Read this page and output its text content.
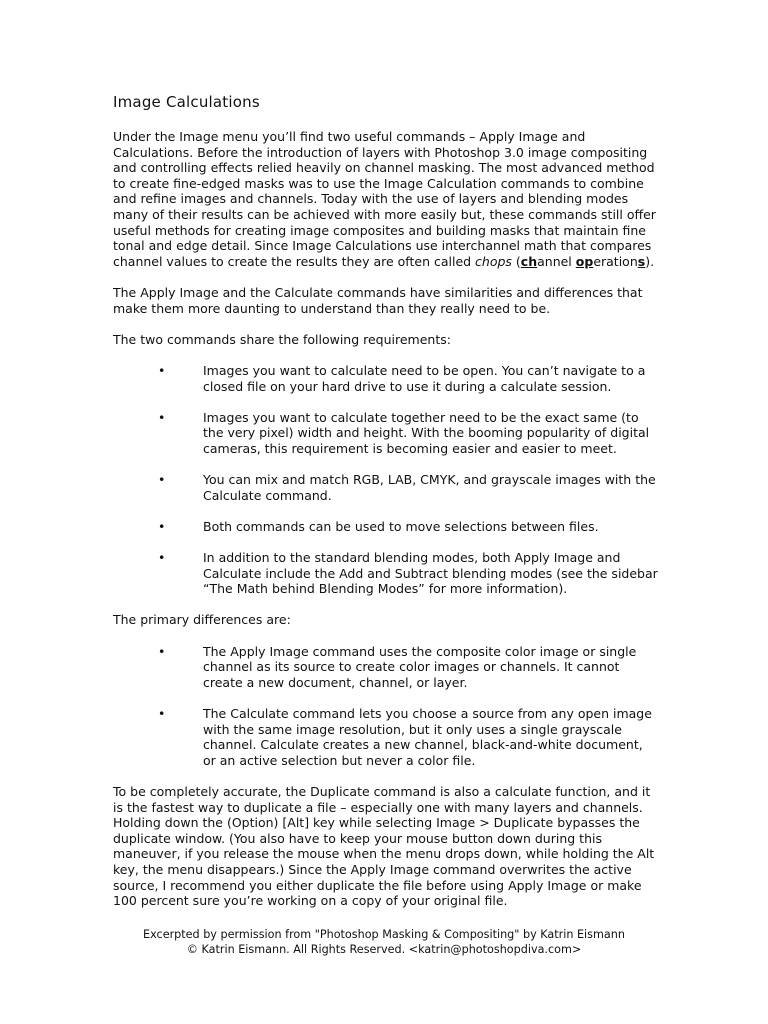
Image Calculations

Under the Image menu you’ll find two useful commands – Apply Image and Calculations. Before the introduction of layers with Photoshop 3.0 image compositing and controlling effects relied heavily on channel masking. The most advanced method to create fine-edged masks was to use the Image Calculation commands to combine and refine images and channels. Today with the use of layers and blending modes many of their results can be achieved with more easily but, these commands still offer useful methods for creating image composites and building masks that maintain fine tonal and edge detail. Since Image Calculations use interchannel math that compares channel values to create the results they are often called chops (channel operations).

The Apply Image and the Calculate commands have similarities and differences that make them more daunting to understand than they really need to be.

The two commands share the following requirements:

•	Images you want to calculate need to be open. You can’t navigate to a closed file on your hard drive to use it during a calculate session.
•	Images you want to calculate together need to be the exact same (to the very pixel) width and height. With the booming popularity of digital cameras, this requirement is becoming easier and easier to meet.
•	You can mix and match RGB, LAB, CMYK, and grayscale images with the Calculate command.
•	Both commands can be used to move selections between files.
•	In addition to the standard blending modes, both Apply Image and Calculate include the Add and Subtract blending modes (see the sidebar “The Math behind Blending Modes” for more information).

The primary differences are:

•	The Apply Image command uses the composite color image or single channel as its source to create color images or channels. It cannot create a new document, channel, or layer.
•	The Calculate command lets you choose a source from any open image with the same image resolution, but it only uses a single grayscale channel. Calculate creates a new channel, black-and-white document, or an active selection but never a color file.

To be completely accurate, the Duplicate command is also a calculate function, and it is the fastest way to duplicate a file – especially one with many layers and channels. Holding down the (Option) [Alt] key while selecting Image > Duplicate bypasses the duplicate window. (You also have to keep your mouse button down during this maneuver, if you release the mouse when the menu drops down, while holding the Alt key, the menu disappears.) Since the Apply Image command overwrites the active source, I recommend you either duplicate the file before using Apply Image or make 100 percent sure you’re working on a copy of your original file.

Excerpted by permission from "Photoshop Masking & Compositing" by Katrin Eismann
© Katrin Eismann. All Rights Reserved. <katrin@photoshopdiva.com>
